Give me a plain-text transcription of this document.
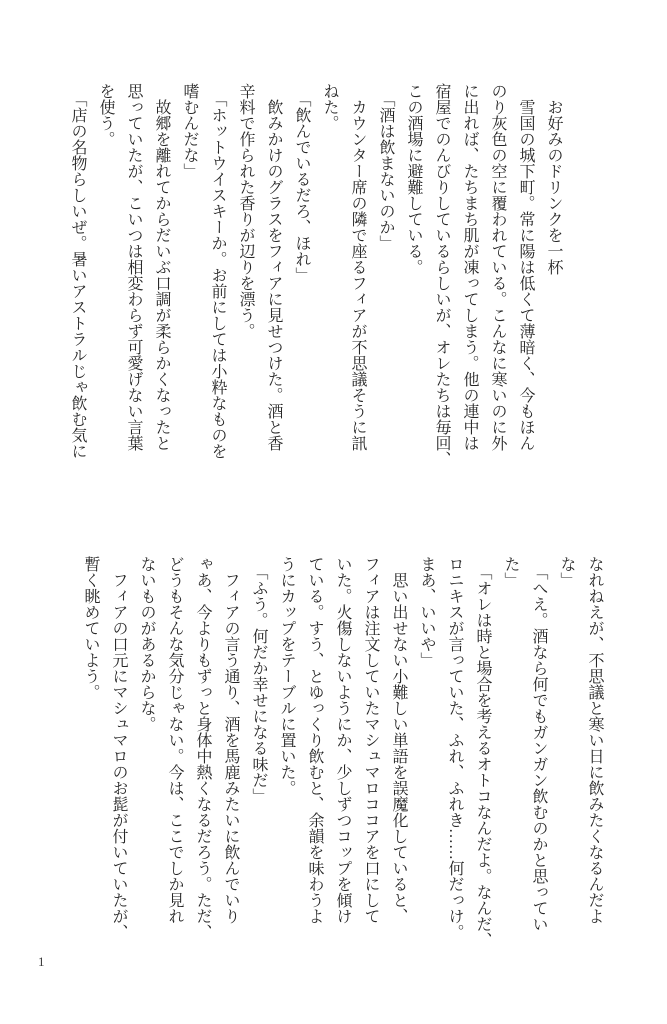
　お好みのドリンクを一杯

　雪国の城下町。常に陽は低くて薄暗く、今もほん

のり灰色の空に覆われている。こんなに寒いのに外

に出れば、たちまち肌が凍ってしまう。他の連中は

宿屋でのんびりしているらしいが、オレたちは毎回、

この酒場に避難している。

　「酒は飲まないのか」

　カウンター席の隣で座るフィアが不思議そうに訊

ねた。

　「飲んでいるだろ、ほれ」

　飲みかけのグラスをフィアに見せつけた。酒と香

辛料で作られた香りが辺りを漂う。

　「ホットウイスキーか。お前にしては小粋なものを

嗜むんだな」

　故郷を離れてからだいぶ口調が柔らかくなったと

思っていたが、こいつは相変わらず可愛げない言葉

を使う。

　「店の名物らしいぜ。暑いアストラルじゃ飲む気に

なれねえが、不思議と寒い日に飲みたくなるんだよ

な」

　「へえ。酒なら何でもガンガン飲むのかと思ってい

た」

　「オレは時と場合を考えるオトコなんだよ。なんだ、

ロニキスが言っていた、ふれ、ふれき……何だっけ。

まあ、いいや」

　思い出せない小難しい単語を誤魔化していると、

フィアは注文していたマシュマロココアを口にして

いた。火傷しないようにか、少しずつコップを傾け

ている。すう、とゆっくり飲むと、余韻を味わうよ

うにカップをテーブルに置いた。

　「ふう。何だか幸せになる味だ」

　フィアの言う通り、酒を馬鹿みたいに飲んでいり

ゃあ、今よりもずっと身体中熱くなるだろう。ただ、

どうもそんな気分じゃない。今は、ここでしか見れ

ないものがあるからな。

　フィアの口元にマシュマロのお髭が付いていたが、

暫く眺めていよう。

1
